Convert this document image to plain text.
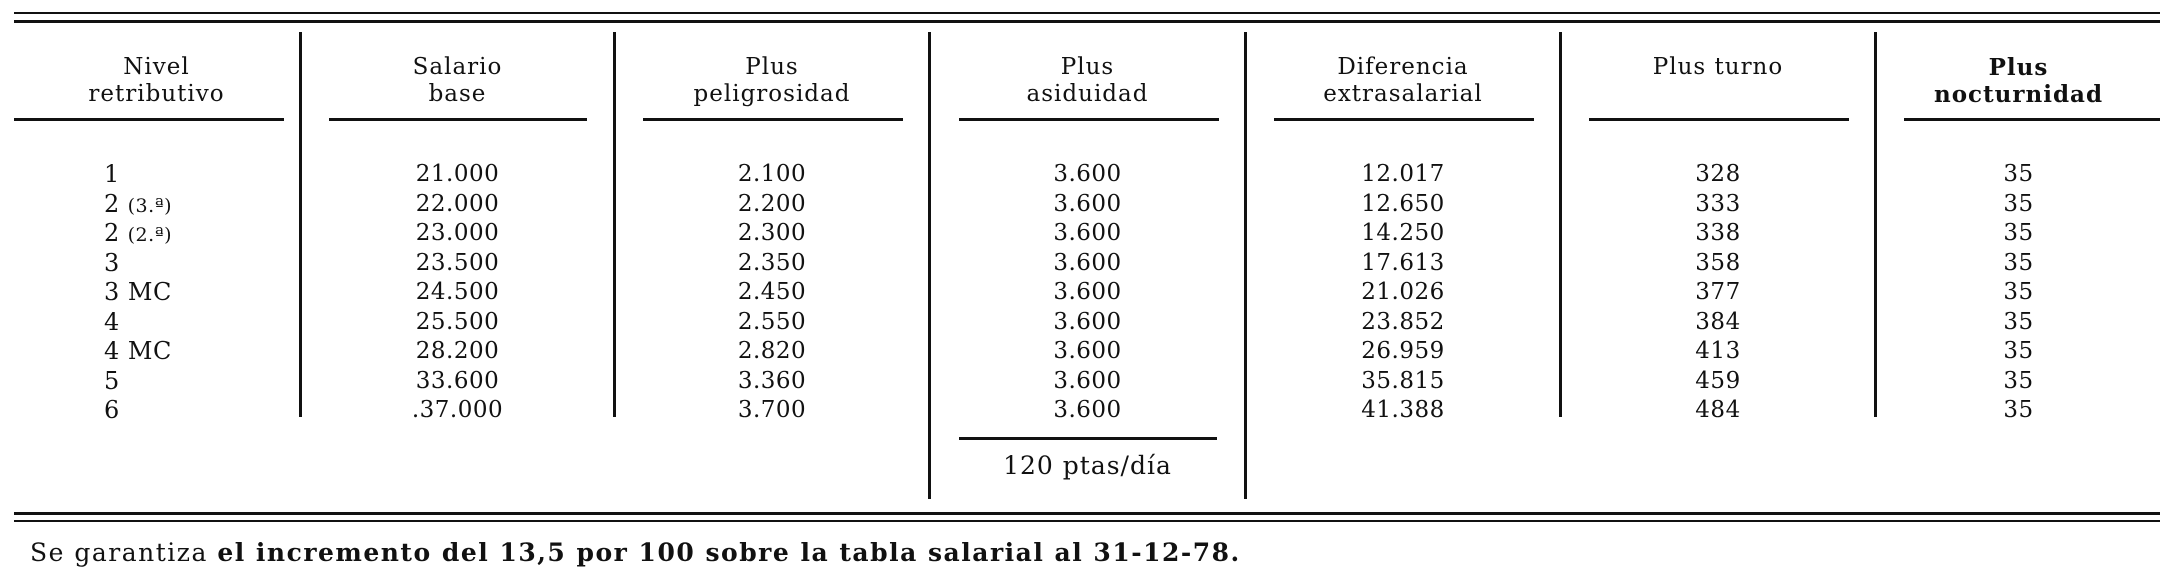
Nivel
retributivo
Salario
base
Plus
peligrosidad
Plus
asiduidad
Diferencia
extrasalarial
Plus turno	Plus
nocturnidad
1
2 (3.ª)
2 (2.ª)
3
3 MC
4
4 MC
5
6
21.000
22.000
23.000
23.500
24.500
25.500
28.200
33.600
.37.000
2.100
2.200
2.300
2.350
2.450
2.550
2.820
3.360
3.700
3.600
3.600
3.600
3.600
3.600
3.600
3.600
3.600
3.600
12.017
12.650
14.250
17.613
21.026
23.852
26.959
35.815
41.388
328
333
338
358
377
384
413
459
484
35
35
35
35
35
35
35
35
35
120 ptas/día
Se garantiza el incremento del 13,5 por 100 sobre la tabla salarial al 31-12-78.
